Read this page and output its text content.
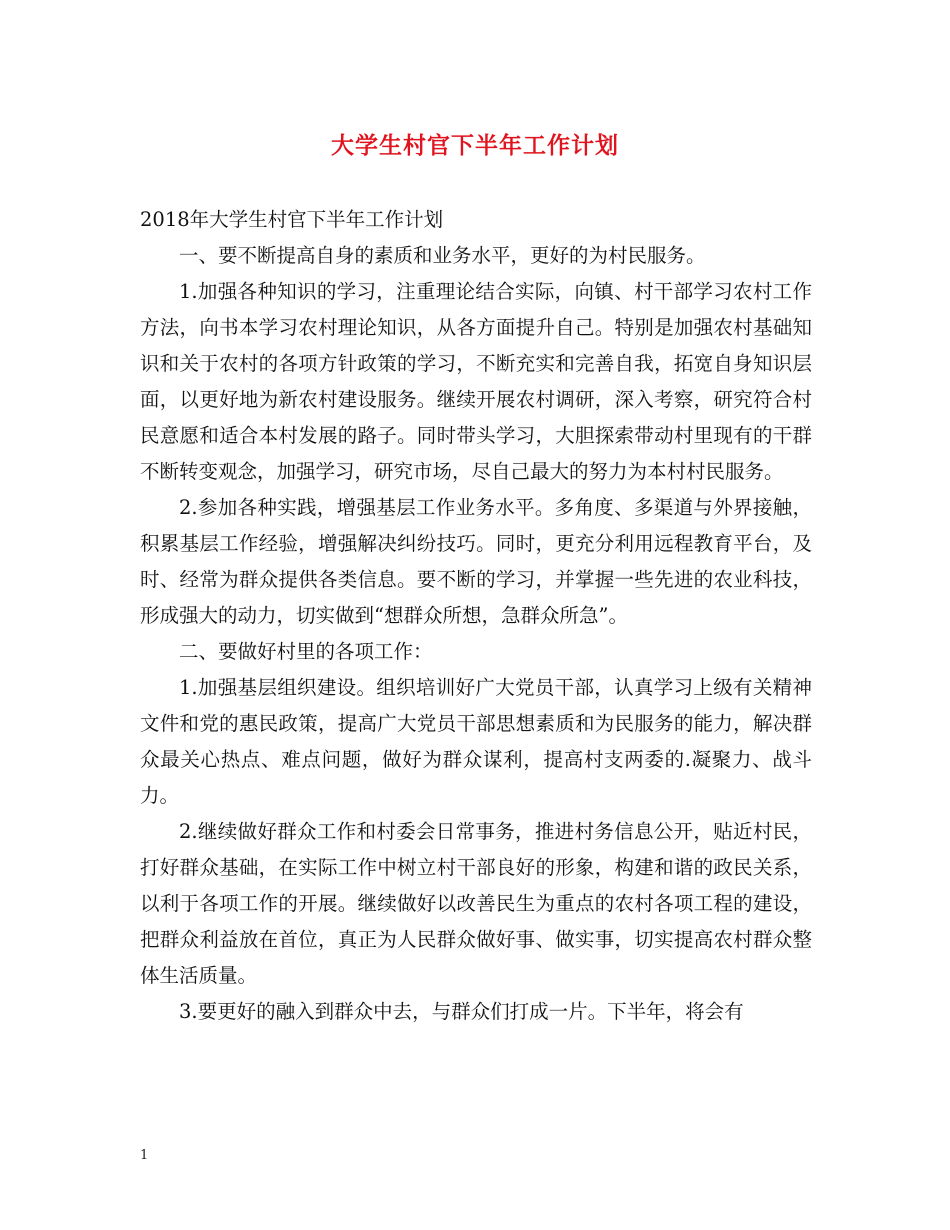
大学生村官下半年工作计划

2018年大学生村官下半年工作计划

一、要不断提高自身的素质和业务水平，更好的为村民服务。

1.加强各种知识的学习，注重理论结合实际，向镇、村干部学习农村工作方法，向书本学习农村理论知识，从各方面提升自己。特别是加强农村基础知识和关于农村的各项方针政策的学习，不断充实和完善自我，拓宽自身知识层面，以更好地为新农村建设服务。继续开展农村调研，深入考察，研究符合村民意愿和适合本村发展的路子。同时带头学习，大胆探索带动村里现有的干群不断转变观念，加强学习，研究市场，尽自己最大的努力为本村村民服务。

2.参加各种实践，增强基层工作业务水平。多角度、多渠道与外界接触，积累基层工作经验，增强解决纠纷技巧。同时，更充分利用远程教育平台，及时、经常为群众提供各类信息。要不断的学习，并掌握一些先进的农业科技，形成强大的动力，切实做到“想群众所想，急群众所急”。

二、要做好村里的各项工作：

1.加强基层组织建设。组织培训好广大党员干部，认真学习上级有关精神文件和党的惠民政策，提高广大党员干部思想素质和为民服务的能力，解决群众最关心热点、难点问题，做好为群众谋利，提高村支两委的.凝聚力、战斗力。

2.继续做好群众工作和村委会日常事务，推进村务信息公开，贴近村民，打好群众基础，在实际工作中树立村干部良好的形象，构建和谐的政民关系，以利于各项工作的开展。继续做好以改善民生为重点的农村各项工程的建设，把群众利益放在首位，真正为人民群众做好事、做实事，切实提高农村群众整体生活质量。

3.要更好的融入到群众中去，与群众们打成一片。下半年，将会有

1
